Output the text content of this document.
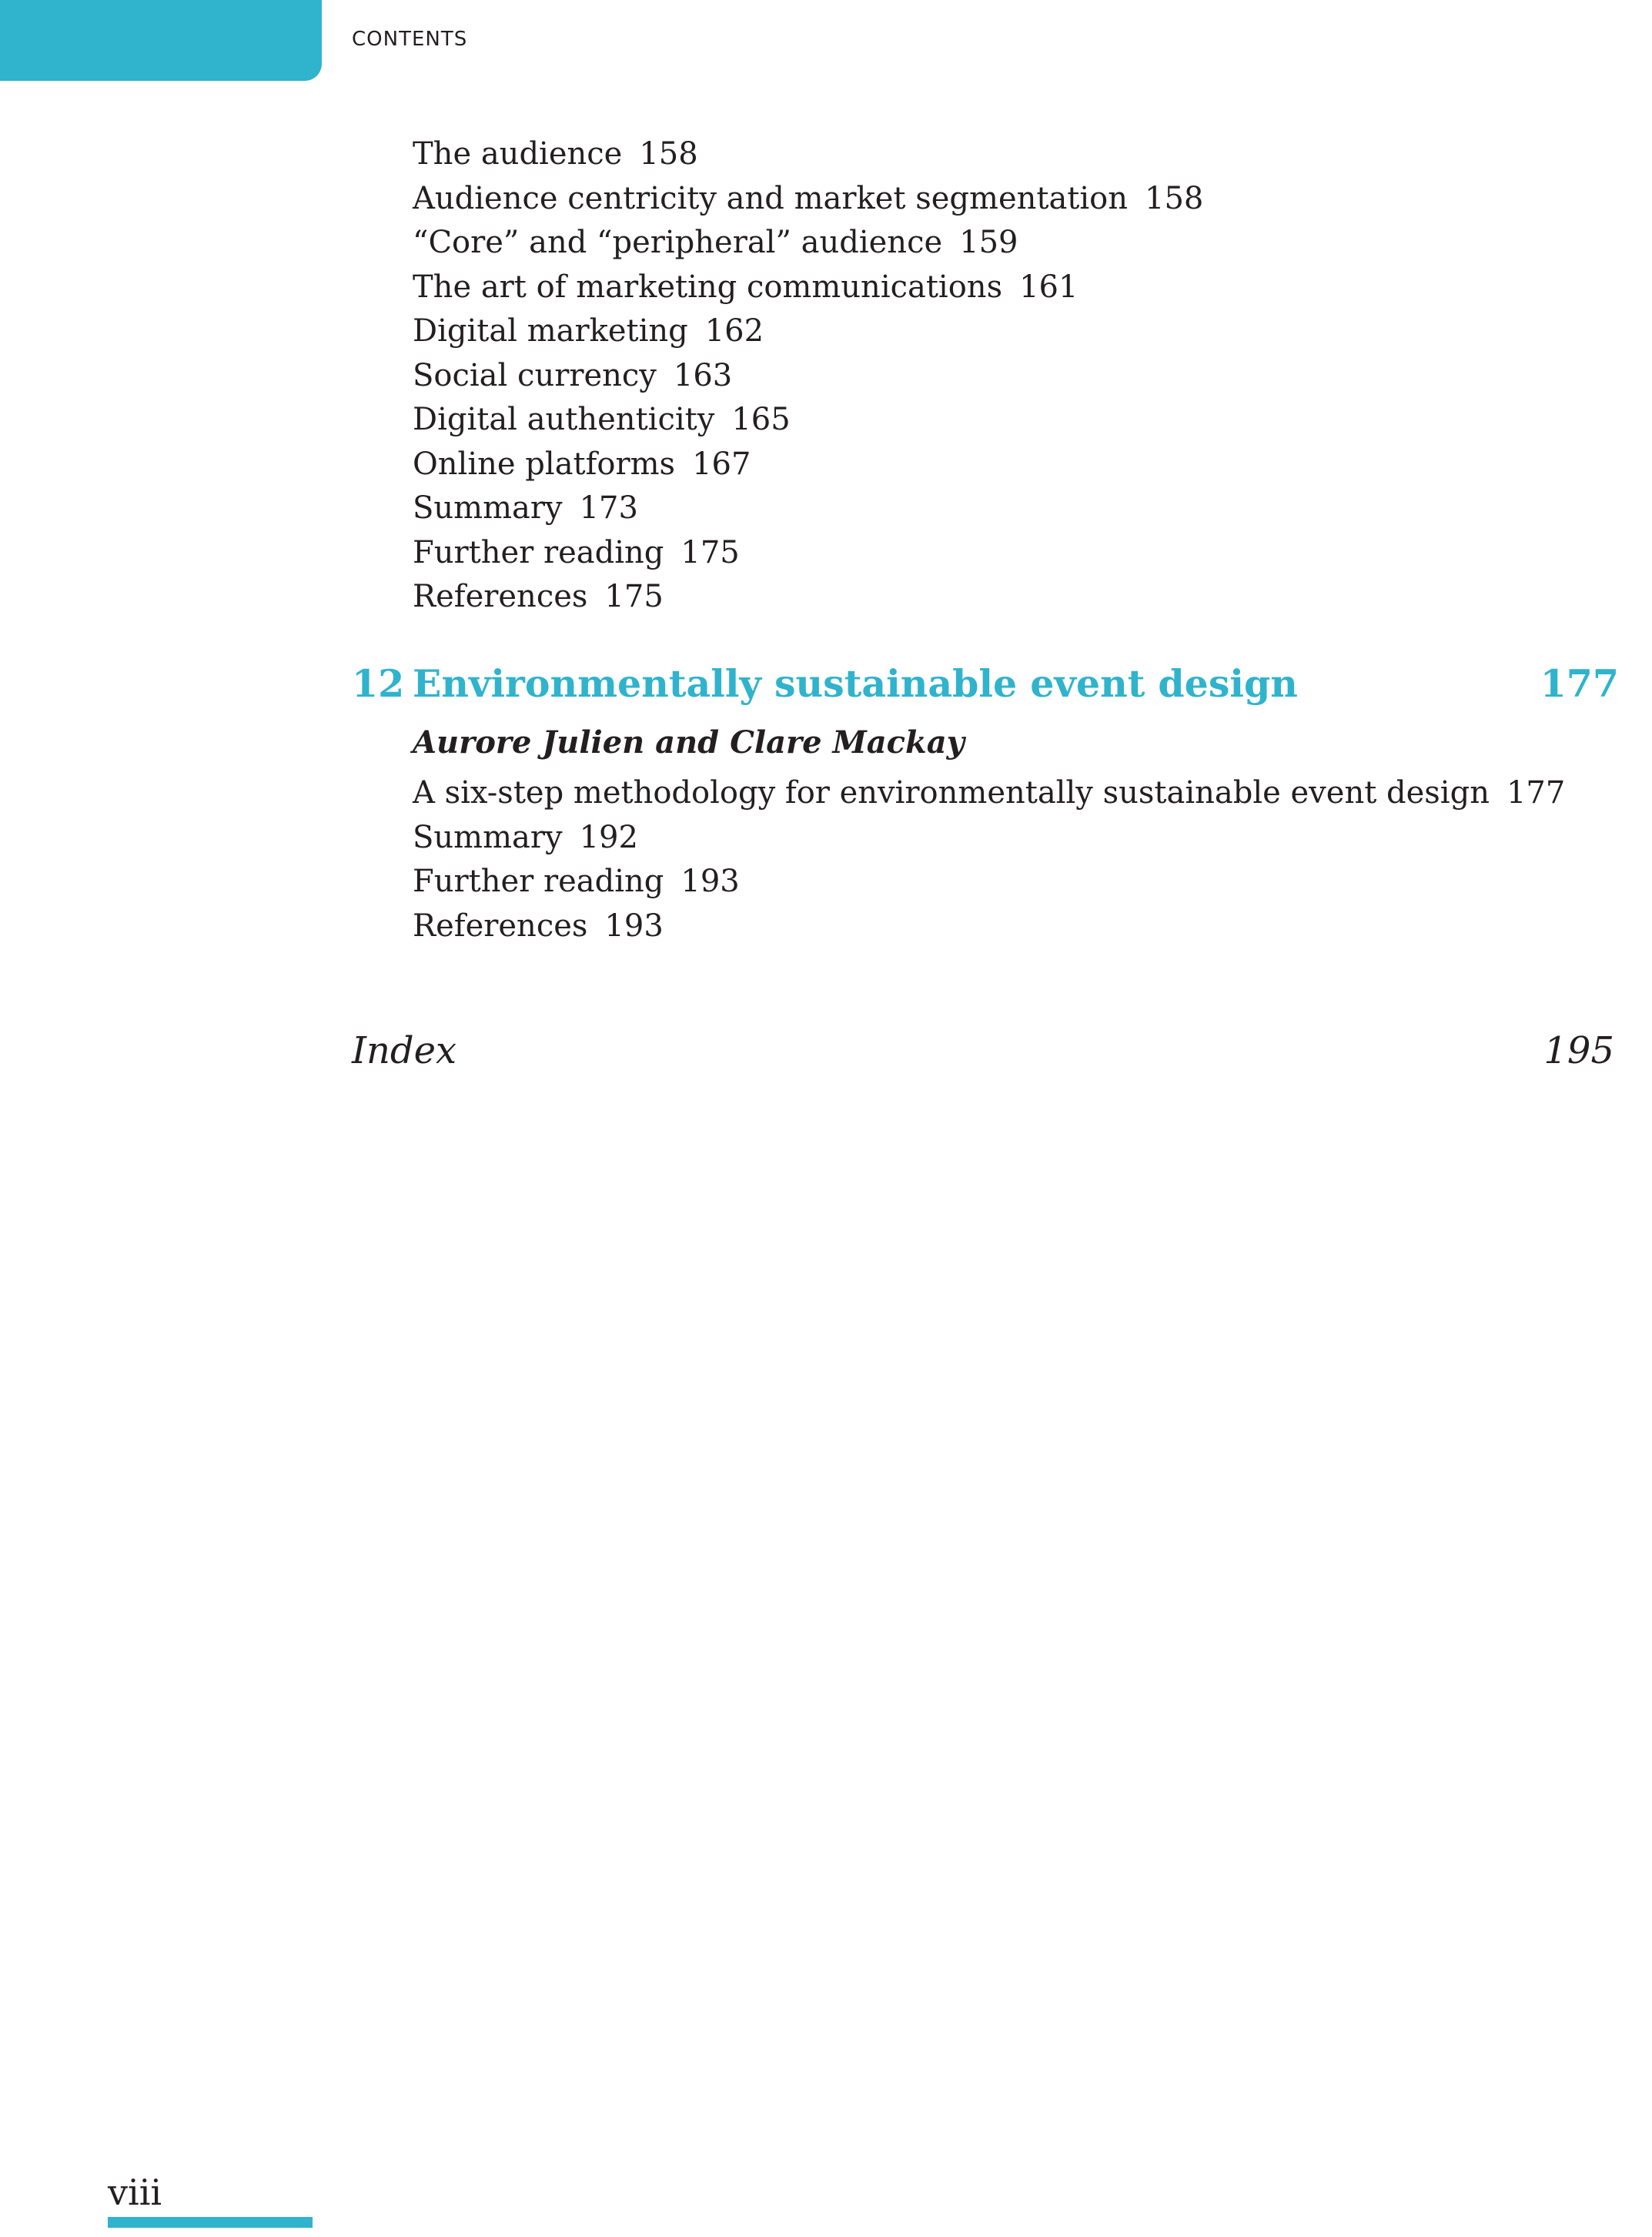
CONTENTS
The audience 158
Audience centricity and market segmentation 158
“Core” and “peripheral” audience 159
The art of marketing communications 161
Digital marketing 162
Social currency 163
Digital authenticity 165
Online platforms 167
Summary 173
Further reading 175
References 175
12 Environmentally sustainable event design	177
Aurore Julien and Clare Mackay
A six-step methodology for environmentally sustainable event design 177
Summary 192
Further reading 193
References 193
Index	195
viii
